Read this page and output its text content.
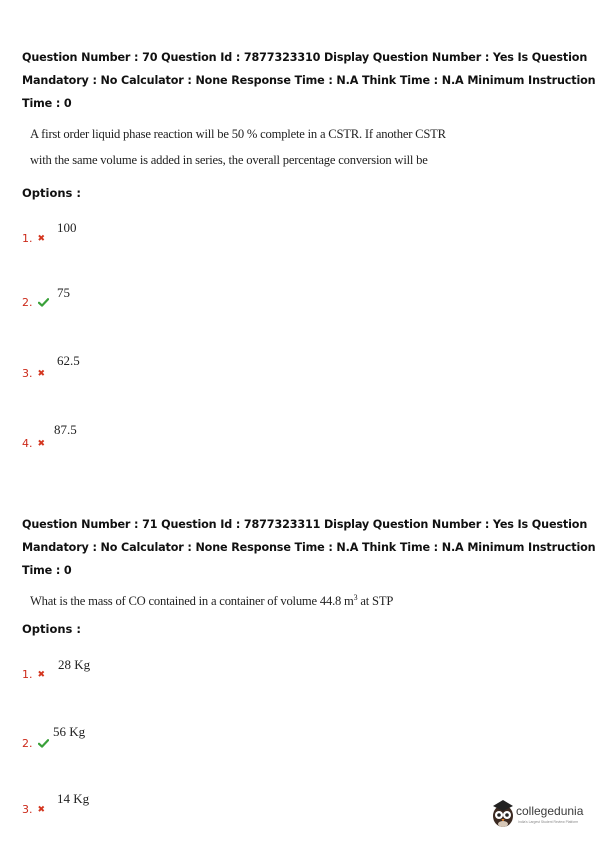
Question Number : 70 Question Id : 7877323310 Display Question Number : Yes Is Question
Mandatory : No Calculator : None Response Time : N.A Think Time : N.A Minimum Instruction
Time : 0
A first order liquid phase reaction will be 50 % complete in a CSTR. If another CSTR
with the same volume is added in series, the overall percentage conversion will be
Options :
100
1. ✖
75
2.
62.5
3. ✖
87.5
4. ✖
Question Number : 71 Question Id : 7877323311 Display Question Number : Yes Is Question
Mandatory : No Calculator : None Response Time : N.A Think Time : N.A Minimum Instruction
Time : 0
What is the mass of CO contained in a container of volume 44.8 $m^3$ at STP
Options :
28 Kg
1. ✖
56 Kg
2.
14 Kg
3. ✖	collegedunia
India's Largest Student Review Platform
